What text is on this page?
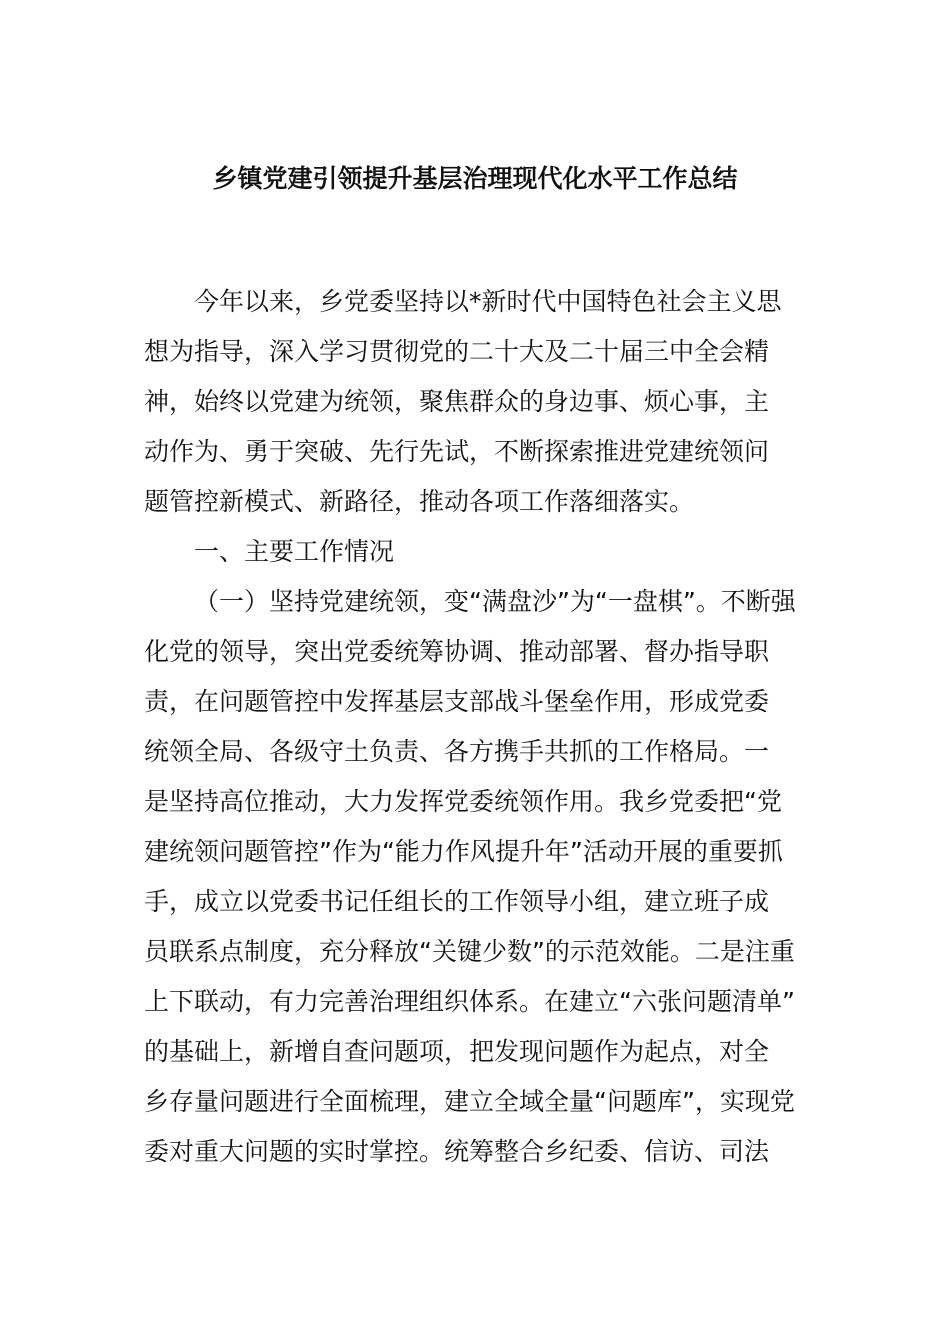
乡镇党建引领提升基层治理现代化水平工作总结
今年以来，乡党委坚持以*新时代中国特色社会主义思
想为指导，深入学习贯彻党的二十大及二十届三中全会精
神，始终以党建为统领，聚焦群众的身边事、烦心事，主
动作为、勇于突破、先行先试，不断探索推进党建统领问
题管控新模式、新路径，推动各项工作落细落实。
一、主要工作情况
（一）坚持党建统领，变“满盘沙”为“一盘棋”。不断强
化党的领导，突出党委统筹协调、推动部署、督办指导职
责，在问题管控中发挥基层支部战斗堡垒作用，形成党委
统领全局、各级守土负责、各方携手共抓的工作格局。一
是坚持高位推动，大力发挥党委统领作用。我乡党委把“党
建统领问题管控”作为“能力作风提升年”活动开展的重要抓
手，成立以党委书记任组长的工作领导小组，建立班子成
员联系点制度，充分释放“关键少数”的示范效能。二是注重
上下联动，有力完善治理组织体系。在建立“六张问题清单”
的基础上，新增自查问题项，把发现问题作为起点，对全
乡存量问题进行全面梳理，建立全域全量“问题库”，实现党
委对重大问题的实时掌控。统筹整合乡纪委、信访、司法
